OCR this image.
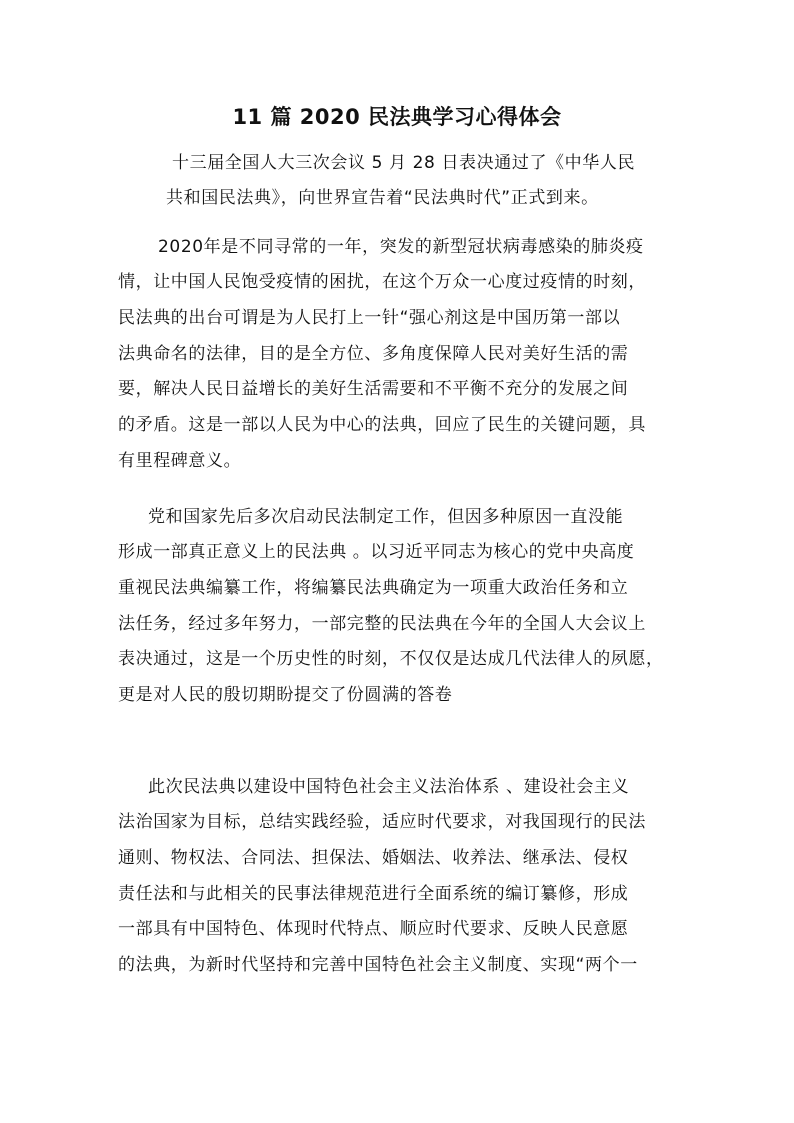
11 篇 2020 民法典学习心得体会

十三届全国人大三次会议 5 月 28 日表决通过了《中华人民

共和国民法典》，向世界宣告着“民法典时代”正式到来。

2020年是不同寻常的一年，突发的新型冠状病毒感染的肺炎疫

情，让中国人民饱受疫情的困扰，在这个万众一心度过疫情的时刻，

民法典的出台可谓是为人民打上一针“强心剂这是中国历第一部以

法典命名的法律，目的是全方位、多角度保障人民对美好生活的需

要，解决人民日益增长的美好生活需要和不平衡不充分的发展之间

的矛盾。这是一部以人民为中心的法典，回应了民生的关键问题，具

有里程碑意义。

党和国家先后多次启动民法制定工作，但因多种原因一直没能

形成一部真正意义上的民法典 。以习近平同志为核心的党中央高度

重视民法典编纂工作，将编纂民法典确定为一项重大政治任务和立

法任务，经过多年努力，一部完整的民法典在今年的全国人大会议上

表决通过，这是一个历史性的时刻，不仅仅是达成几代法律人的夙愿，

更是对人民的殷切期盼提交了份圆满的答卷

此次民法典以建设中国特色社会主义法治体系 、建设社会主义

法治国家为目标，总结实践经验，适应时代要求，对我国现行的民法

通则、物权法、合同法、担保法、婚姻法、收养法、继承法、侵权

责任法和与此相关的民事法律规范进行全面系统的编订纂修，形成

一部具有中国特色、体现时代特点、顺应时代要求、反映人民意愿

的法典，为新时代坚持和完善中国特色社会主义制度、实现“两个一
